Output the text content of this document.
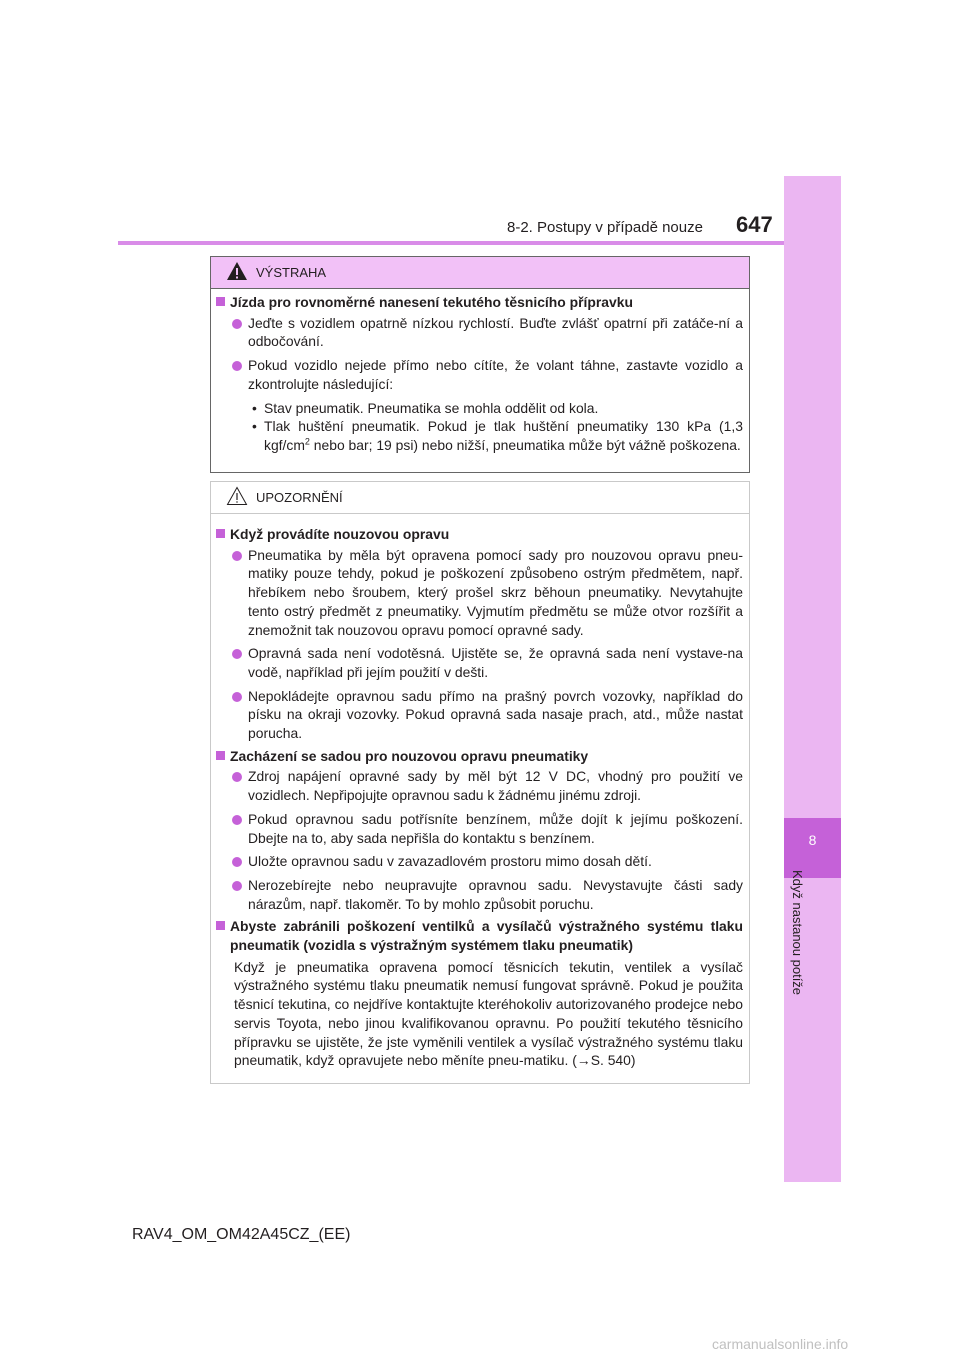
8-2. Postupy v případě nouze 647
8
Když nastanou potíže
VÝSTRAHA

Jízda pro rovnoměrné nanesení tekutého těsnicího přípravku

Jeďte s vozidlem opatrně nízkou rychlostí. Buďte zvlášť opatrní při zatáče-ní a odbočování.

Pokud vozidlo nejede přímo nebo cítíte, že volant táhne, zastavte vozidlo a zkontrolujte následující:

• Stav pneumatik. Pneumatika se mohla oddělit od kola.

• Tlak huštění pneumatik. Pokud je tlak huštění pneumatiky 130 kPa (1,3 kgf/$cm^2$ nebo bar; 19 psi) nebo nižší, pneumatika může být vážně poškozena.

UPOZORNĚNÍ

Když provádíte nouzovou opravu

Pneumatika by měla být opravena pomocí sady pro nouzovou opravu pneu-matiky pouze tehdy, pokud je poškození způsobeno ostrým předmětem, např. hřebíkem nebo šroubem, který prošel skrz běhoun pneumatiky. Nevytahujte tento ostrý předmět z pneumatiky. Vyjmutím předmětu se může otvor rozšířit a znemožnit tak nouzovou opravu pomocí opravné sady.

Opravná sada není vodotěsná. Ujistěte se, že opravná sada není vystave-na vodě, například při jejím použití v dešti.

Nepokládejte opravnou sadu přímo na prašný povrch vozovky, například do písku na okraji vozovky. Pokud opravná sada nasaje prach, atd., může nastat porucha.

Zacházení se sadou pro nouzovou opravu pneumatiky

Zdroj napájení opravné sady by měl být 12 V DC, vhodný pro použití ve vozidlech. Nepřipojujte opravnou sadu k žádnému jinému zdroji.

Pokud opravnou sadu potřísníte benzínem, může dojít k jejímu poškození. Dbejte na to, aby sada nepřišla do kontaktu s benzínem.

Uložte opravnou sadu v zavazadlovém prostoru mimo dosah dětí.

Nerozebírejte nebo neupravujte opravnou sadu. Nevystavujte části sady nárazům, např. tlakoměr. To by mohlo způsobit poruchu.

Abyste zabránili poškození ventilků a vysílačů výstražného systému tlaku pneumatik (vozidla s výstražným systémem tlaku pneumatik)

Když je pneumatika opravena pomocí těsnicích tekutin, ventilek a vysílač výstražného systému tlaku pneumatik nemusí fungovat správně. Pokud je použita těsnicí tekutina, co nejdříve kontaktujte kteréhokoliv autorizovaného prodejce nebo servis Toyota, nebo jinou kvalifikovanou opravnu. Po použití tekutého těsnicího přípravku se ujistěte, že jste vyměnili ventilek a vysílač výstražného systému tlaku pneumatik, když opravujete nebo měníte pneu-matiku. (→S. 540)

RAV4_OM_OM42A45CZ_(EE)
carmanualsonline.info
